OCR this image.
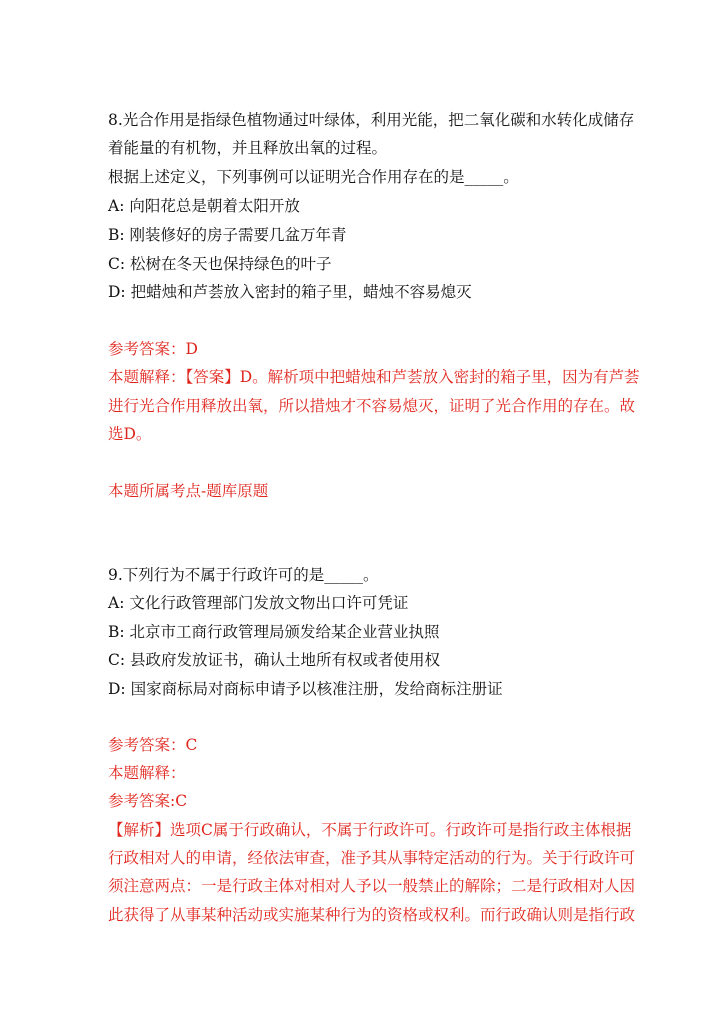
8.光合作用是指绿色植物通过叶绿体，利用光能，把二氧化碳和水转化成储存
着能量的有机物，并且释放出氧的过程。
根据上述定义，下列事例可以证明光合作用存在的是_____。
A: 向阳花总是朝着太阳开放
B: 刚装修好的房子需要几盆万年青
C: 松树在冬天也保持绿色的叶子
D: 把蜡烛和芦荟放入密封的箱子里，蜡烛不容易熄灭
参考答案：D
本题解释：【答案】D。解析项中把蜡烛和芦荟放入密封的箱子里，因为有芦荟
进行光合作用释放出氧，所以措烛才不容易熄灭，证明了光合作用的存在。故
选D。
本题所属考点-题库原题
9.下列行为不属于行政许可的是_____。
A: 文化行政管理部门发放文物出口许可凭证
B: 北京市工商行政管理局颁发给某企业营业执照
C: 县政府发放证书，确认土地所有权或者使用权
D: 国家商标局对商标申请予以核准注册，发给商标注册证
参考答案：C
本题解释：
参考答案:C
【解析】选项C属于行政确认，不属于行政许可。行政许可是指行政主体根据
行政相对人的申请，经依法审查，准予其从事特定活动的行为。关于行政许可
须注意两点：一是行政主体对相对人予以一般禁止的解除；二是行政相对人因
此获得了从事某种活动或实施某种行为的资格或权利。而行政确认则是指行政
